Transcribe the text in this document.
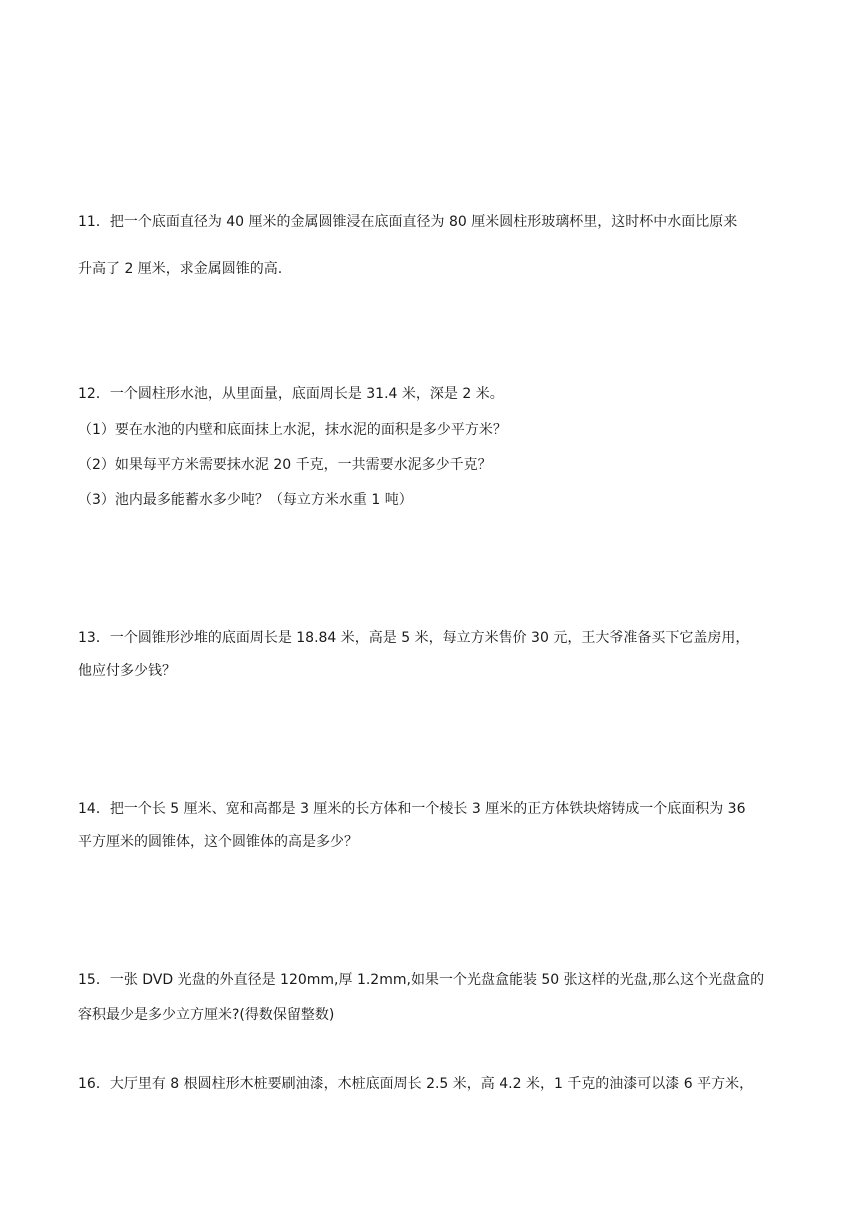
11．把一个底面直径为 40 厘米的金属圆锥浸在底面直径为 80 厘米圆柱形玻璃杯里，这时杯中水面比原来
升高了 2 厘米，求金属圆锥的高.
12．一个圆柱形水池，从里面量，底面周长是 31.4 米，深是 2 米。
（1）要在水池的内壁和底面抹上水泥，抹水泥的面积是多少平方米？
（2）如果每平方米需要抹水泥 20 千克，一共需要水泥多少千克？
（3）池内最多能蓄水多少吨？（每立方米水重 1 吨）
13．一个圆锥形沙堆的底面周长是 18.84 米，高是 5 米，每立方米售价 30 元，王大爷准备买下它盖房用，
他应付多少钱？
14．把一个长 5 厘米、宽和高都是 3 厘米的长方体和一个棱长 3 厘米的正方体铁块熔铸成一个底面积为 36
平方厘米的圆锥体，这个圆锥体的高是多少？
15．一张 DVD 光盘的外直径是 120mm,厚 1.2mm,如果一个光盘盒能装 50 张这样的光盘,那么这个光盘盒的
容积最少是多少立方厘米?(得数保留整数)
16．大厅里有 8 根圆柱形木桩要刷油漆，木桩底面周长 2.5 米，高 4.2 米，1 千克的油漆可以漆 6 平方米，
